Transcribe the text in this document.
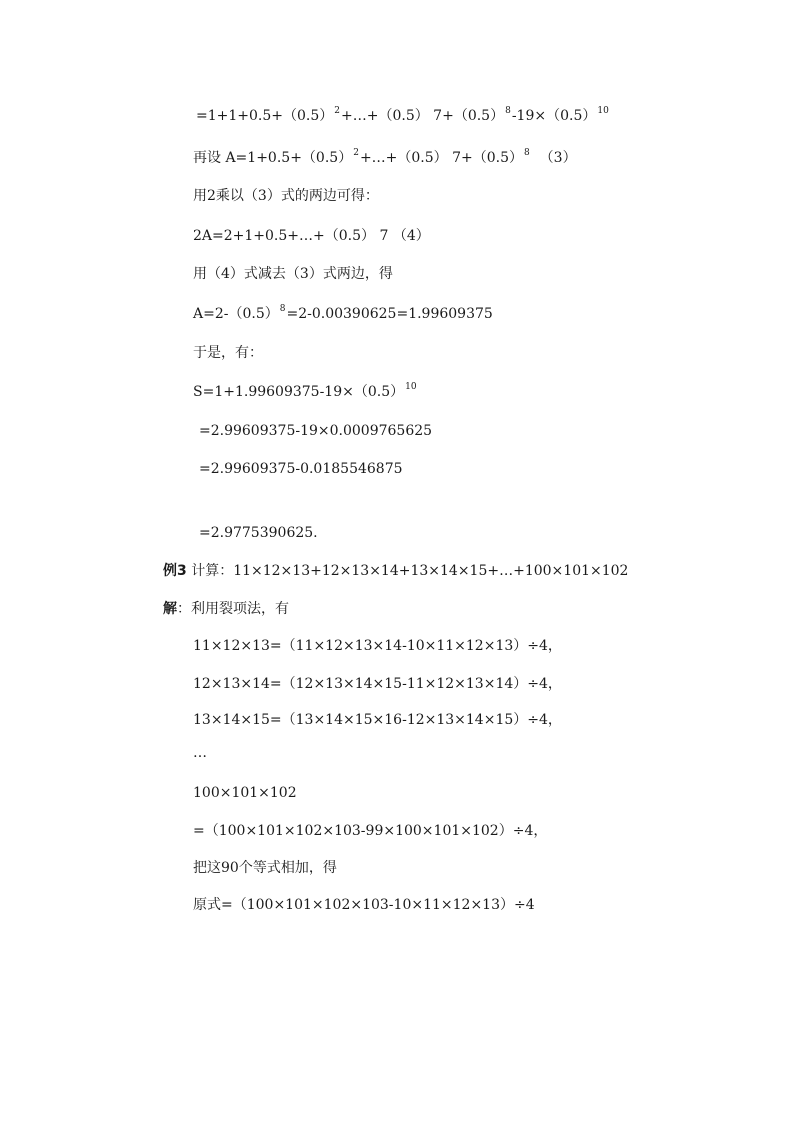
$=1+1+0.5+(0.5)^2+\dots+(0.5)$ $7+(0.5)^8-19\times(0.5)^{10}$
再设 $A=1+0.5+(0.5)^2+\dots+(0.5)$ $7+(0.5)^8$ （3）
用2乘以（3）式的两边可得：
2A=2+1+0.5+…+（0.5） 7 （4）
用（4）式减去（3）式两边，得
$A=2-(0.5)^8=2-0.00390625=1.99609375$
于是，有：
$S=1+1.99609375-19\times(0.5)^{10}$
=2.99609375-19×0.0009765625
=2.99609375-0.0185546875
=2.9775390625.
例3 计算：11×12×13+12×13×14+13×14×15+…+100×101×102
解：利用裂项法，有
11×12×13=（11×12×13×14-10×11×12×13）÷4，
12×13×14=（12×13×14×15-11×12×13×14）÷4，
13×14×15=（13×14×15×16-12×13×14×15）÷4，
…
100×101×102
=（100×101×102×103-99×100×101×102）÷4，
把这90个等式相加，得
原式=（100×101×102×103-10×11×12×13）÷4
